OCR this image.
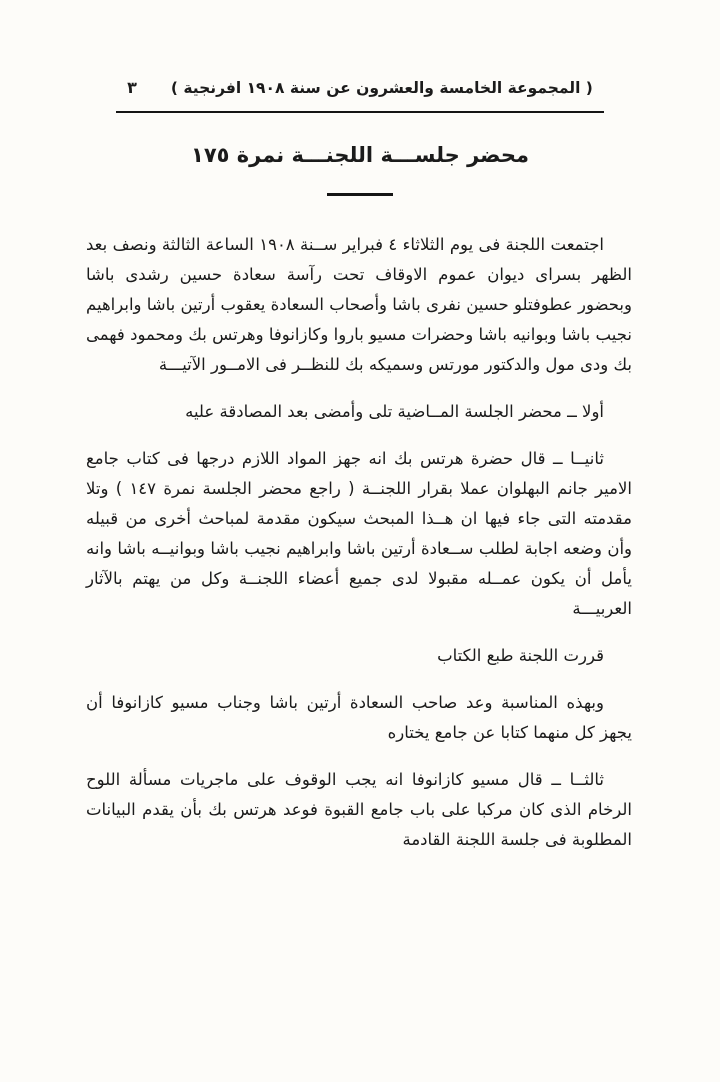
( المجموعة الخامسة والعشرون عن سنة ١٩٠٨ افرنجية )
٣
محضر جلســـة اللجنـــة نمرة ١٧٥

اجتمعت اللجنة فى يوم الثلاثاء ٤ فبراير ســنة ١٩٠٨ الساعة الثالثة ونصف بعد الظهر بسراى ديوان عموم الاوقاف تحت رآسة سعادة حسين رشدى باشا وبحضور عطوفتلو حسين نفرى باشا وأصحاب السعادة يعقوب أرتين باشا وابراهيم نجيب باشا وبوانيه باشا وحضرات مسيو باروا وكازانوفا وهرتس بك ومحمود فهمى بك ودى مول والدكتور مورتس وسميكه بك للنظــر فى الامــور الآتيـــة

أولا ــ محضر الجلسة المــاضية تلى وأمضى بعد المصادقة عليه

ثانيــا ــ قال حضرة هرتس بك انه جهز المواد اللازم درجها فى كتاب جامع الامير جانم البهلوان عملا بقرار اللجنــة ( راجع محضر الجلسة نمرة ١٤٧ ) وتلا مقدمته التى جاء فيها ان هــذا المبحث سيكون مقدمة لمباحث أخرى من قبيله وأن وضعه اجابة لطلب ســعادة أرتين باشا وابراهيم نجيب باشا وبوانيــه باشا وانه يأمل أن يكون عمــله مقبولا لدى جميع أعضاء اللجنــة وكل من يهتم بالآثار العربيـــة

قررت اللجنة طبع الكتاب

وبهذه المناسبة وعد صاحب السعادة أرتين باشا وجناب مسيو كازانوفا أن يجهز كل منهما كتابا عن جامع يختاره

ثالثــا ــ قال مسيو كازانوفا انه يجب الوقوف على ماجريات مسألة اللوح الرخام الذى كان مركبا على باب جامع القبوة فوعد هرتس بك بأن يقدم البيانات المطلوبة فى جلسة اللجنة القادمة
